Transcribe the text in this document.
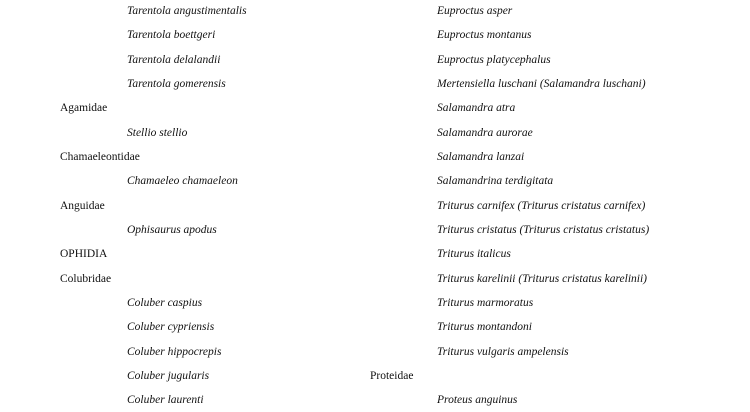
Tarentola angustimentalis
Tarentola boettgeri
Tarentola delalandii
Tarentola gomerensis
Agamidae
Stellio stellio
Chamaeleontidae
Chamaeleo chamaeleon
Anguidae
Ophisaurus apodus
OPHIDIA
Colubridae
Coluber caspius
Coluber cypriensis
Coluber hippocrepis
Coluber jugularis
Coluber laurenti
Euproctus asper
Euproctus montanus
Euproctus platycephalus
Mertensiella luschani (Salamandra luschani)
Salamandra atra
Salamandra aurorae
Salamandra lanzai
Salamandrina terdigitata
Triturus carnifex (Triturus cristatus carnifex)
Triturus cristatus (Triturus cristatus cristatus)
Triturus italicus
Triturus karelinii (Triturus cristatus karelinii)
Triturus marmoratus
Triturus montandoni
Triturus vulgaris ampelensis
Proteidae
Proteus anguinus
